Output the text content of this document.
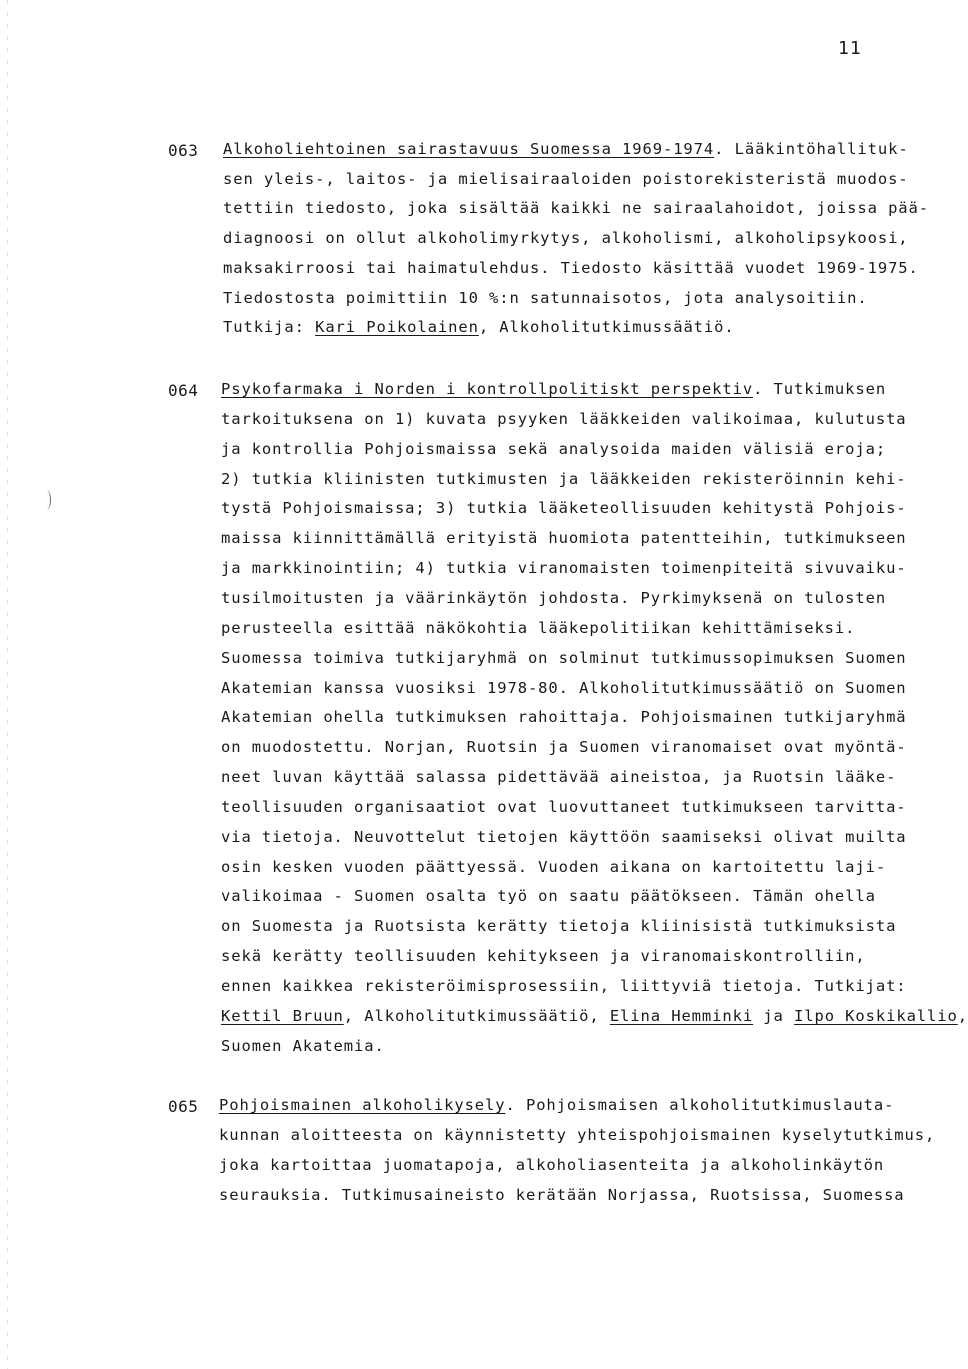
11
063 Alkoholiehtoinen sairastavuus Suomessa 1969-1974. Lääkintöhallituk-
sen yleis-, laitos- ja mielisairaaloiden poistorekisteristä muodos-
tettiin tiedosto, joka sisältää kaikki ne sairaalahoidot, joissa pää-
diagnoosi on ollut alkoholimyrkytys, alkoholismi, alkoholipsykoosi,
maksakirroosi tai haimatulehdus. Tiedosto käsittää vuodet 1969-1975.
Tiedostosta poimittiin 10 %:n satunnaisotos, jota analysoitiin.
Tutkija: Kari Poikolainen, Alkoholitutkimussäätiö.
064 Psykofarmaka i Norden i kontrollpolitiskt perspektiv. Tutkimuksen
tarkoituksena on 1) kuvata psyyken lääkkeiden valikoimaa, kulutusta
ja kontrollia Pohjoismaissa sekä analysoida maiden välisiä eroja;
2) tutkia kliinisten tutkimusten ja lääkkeiden rekisteröinnin kehi-
tystä Pohjoismaissa; 3) tutkia lääketeollisuuden kehitystä Pohjois-
maissa kiinnittämällä erityistä huomiota patentteihin, tutkimukseen
ja markkinointiin; 4) tutkia viranomaisten toimenpiteitä sivuvaiku-
tusilmoitusten ja väärinkäytön johdosta. Pyrkimyksenä on tulosten
perusteella esittää näkökohtia lääkepolitiikan kehittämiseksi.
Suomessa toimiva tutkijaryhmä on solminut tutkimussopimuksen Suomen
Akatemian kanssa vuosiksi 1978-80. Alkoholitutkimussäätiö on Suomen
Akatemian ohella tutkimuksen rahoittaja. Pohjoismainen tutkijaryhmä
on muodostettu. Norjan, Ruotsin ja Suomen viranomaiset ovat myöntä-
neet luvan käyttää salassa pidettävää aineistoa, ja Ruotsin lääke-
teollisuuden organisaatiot ovat luovuttaneet tutkimukseen tarvitta-
via tietoja. Neuvottelut tietojen käyttöön saamiseksi olivat muilta
osin kesken vuoden päättyessä. Vuoden aikana on kartoitettu laji-
valikoimaa - Suomen osalta työ on saatu päätökseen. Tämän ohella
on Suomesta ja Ruotsista kerätty tietoja kliinisistä tutkimuksista
sekä kerätty teollisuuden kehitykseen ja viranomaiskontrolliin,
ennen kaikkea rekisteröimisprosessiin, liittyviä tietoja. Tutkijat:
Kettil Bruun, Alkoholitutkimussäätiö, Elina Hemminki ja Ilpo Koskikallio,
Suomen Akatemia.
065 Pohjoismainen alkoholikysely. Pohjoismaisen alkoholitutkimuslauta-
kunnan aloitteesta on käynnistetty yhteispohjoismainen kyselytutkimus,
joka kartoittaa juomatapoja, alkoholiasenteita ja alkoholinkäytön
seurauksia. Tutkimusaineisto kerätään Norjassa, Ruotsissa, Suomessa
